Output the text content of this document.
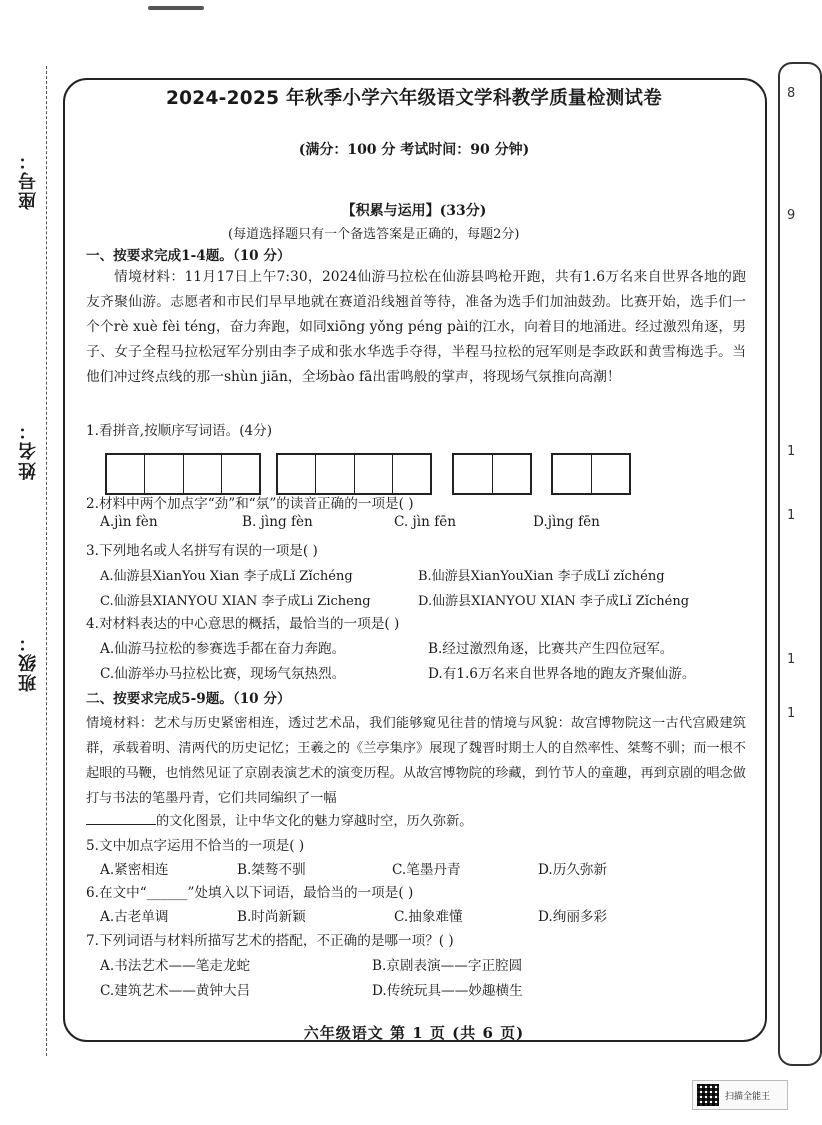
座号：
姓名：
班级：
8
9
1
1
1
1
2024-2025 年秋季小学六年级语文学科教学质量检测试卷
(满分：100 分 考试时间：90 分钟)
【积累与运用】(33分)
(每道选择题只有一个备选答案是正确的，每题2分)
一、按要求完成1-4题。（10 分）
情境材料：11月17日上午7:30，2024仙游马拉松在仙游县鸣枪开跑，共有1.6万名来自世界各地的跑友齐聚仙游。志愿者和市民们早早地就在赛道沿线翘首等待，准备为选手们加油鼓劲。比赛开始，选手们一个个rè xuè fèi téng，奋力奔跑，如同xiōng yǒng péng pài的江水，向着目的地涌进。经过激烈角逐，男子、女子全程马拉松冠军分别由李子成和张水华选手夺得，半程马拉松的冠军则是李政跃和黄雪梅选手。当他们冲过终点线的那一shùn jiān，全场bào fā出雷鸣般的掌声，将现场气氛推向高潮！
1.看拼音,按顺序写词语。(4分)
2.材料中两个加点字“劲”和“氛”的读音正确的一项是( )
A.jìn fèn	B. jìng fèn	C. jìn fēn	D.jìng fēn
3.下列地名或人名拼写有误的一项是( )
A.仙游县XianYou Xian 李子成Lǐ Zǐchéng	B.仙游县XianYouXian 李子成Lǐ zǐchéng
C.仙游县XIANYOU XIAN 李子成Li Zicheng	D.仙游县XIANYOU XIAN 李子成Lǐ Zǐchéng
4.对材料表达的中心意思的概括，最恰当的一项是( )
A.仙游马拉松的参赛选手都在奋力奔跑。	B.经过激烈角逐，比赛共产生四位冠军。
C.仙游举办马拉松比赛，现场气氛热烈。	D.有1.6万名来自世界各地的跑友齐聚仙游。
二、按要求完成5-9题。（10 分）
情境材料：艺术与历史紧密相连，透过艺术品，我们能够窥见往昔的情境与风貌：故宫博物院这一古代宫殿建筑群，承载着明、清两代的历史记忆；王羲之的《兰亭集序》展现了魏晋时期士人的自然率性、桀骜不驯；而一根不起眼的马鞭，也悄然见证了京剧表演艺术的演变历程。从故宫博物院的珍藏，到竹节人的童趣，再到京剧的唱念做打与书法的笔墨丹青，它们共同编织了一幅
的文化图景，让中华文化的魅力穿越时空，历久弥新。
5.文中加点字运用不恰当的一项是( )
A.紧密相连	B.桀骜不驯	C.笔墨丹青	D.历久弥新
6.在文中“______”处填入以下词语，最恰当的一项是( )
A.古老单调	B.时尚新颖	C.抽象难懂	D.绚丽多彩
7.下列词语与材料所描写艺术的搭配，不正确的是哪一项？( )
A.书法艺术——笔走龙蛇	B.京剧表演——字正腔圆
C.建筑艺术——黄钟大吕	D.传统玩具——妙趣横生
六年级语文 第 1 页 (共 6 页)
扫描全能王
